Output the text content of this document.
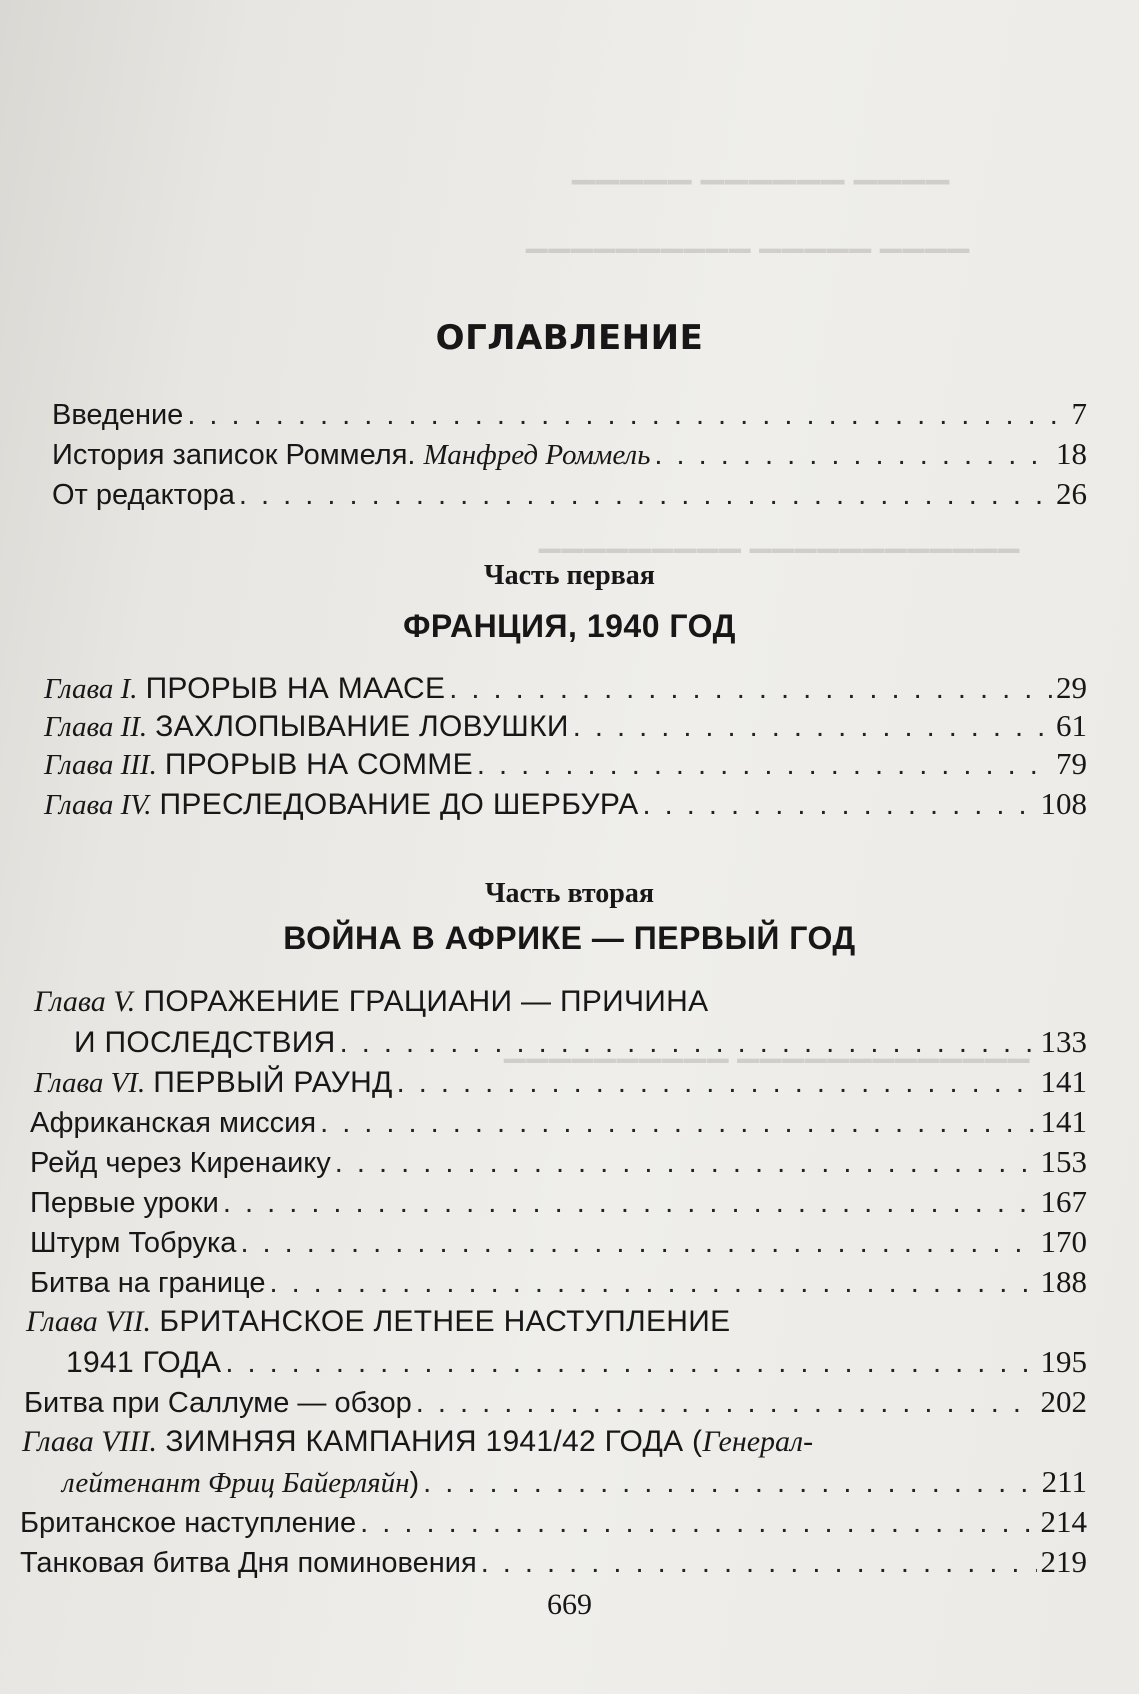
▁▁▁▁ ▁▁▁▁▁▁ ▁▁▁▁▁
▁▁▁▁ ▁▁▁▁▁ ▁▁▁▁▁▁▁▁▁▁
▁▁▁▁▁▁▁▁▁▁▁▁ ▁▁▁▁▁▁▁▁▁
▁▁▁▁▁▁▁▁▁▁▁▁▁ ▁▁▁▁▁▁▁▁▁▁
ОГЛАВЛЕНИЕ
Введение . . .	7
История записок Роммеля. Манфред Роммель . . .	18
От редактора . . .	26
Часть первая
ФРАНЦИЯ, 1940 ГОД
Глава I. ПРОРЫВ НА МААСЕ . . .	29
Глава II. ЗАХЛОПЫВАНИЕ ЛОВУШКИ . . .	61
Глава III. ПРОРЫВ НА СОММЕ . . .	79
Глава IV. ПРЕСЛЕДОВАНИЕ ДО ШЕРБУРА . . .	108
Часть вторая
ВОЙНА В АФРИКЕ — ПЕРВЫЙ ГОД
Глава V. ПОРАЖЕНИЕ ГРАЦИАНИ — ПРИЧИНА
И ПОСЛЕДСТВИЯ . . .	133
Глава VI. ПЕРВЫЙ РАУНД . . .	141
Африканская миссия . . .	141
Рейд через Киренаику . . .	153
Первые уроки . . .	167
Штурм Тобрука . . .	170
Битва на границе . . .	188
Глава VII. БРИТАНСКОЕ ЛЕТНЕЕ НАСТУПЛЕНИЕ
1941 ГОДА . . .	195
Битва при Саллуме — обзор . . .	202
Глава VIII. ЗИМНЯЯ КАМПАНИЯ 1941/42 ГОДА (Генерал-
лейтенант Фриц Байерляйн) . . .	211
Британское наступление . . .	214
Танковая битва Дня поминовения . . .	219
669
